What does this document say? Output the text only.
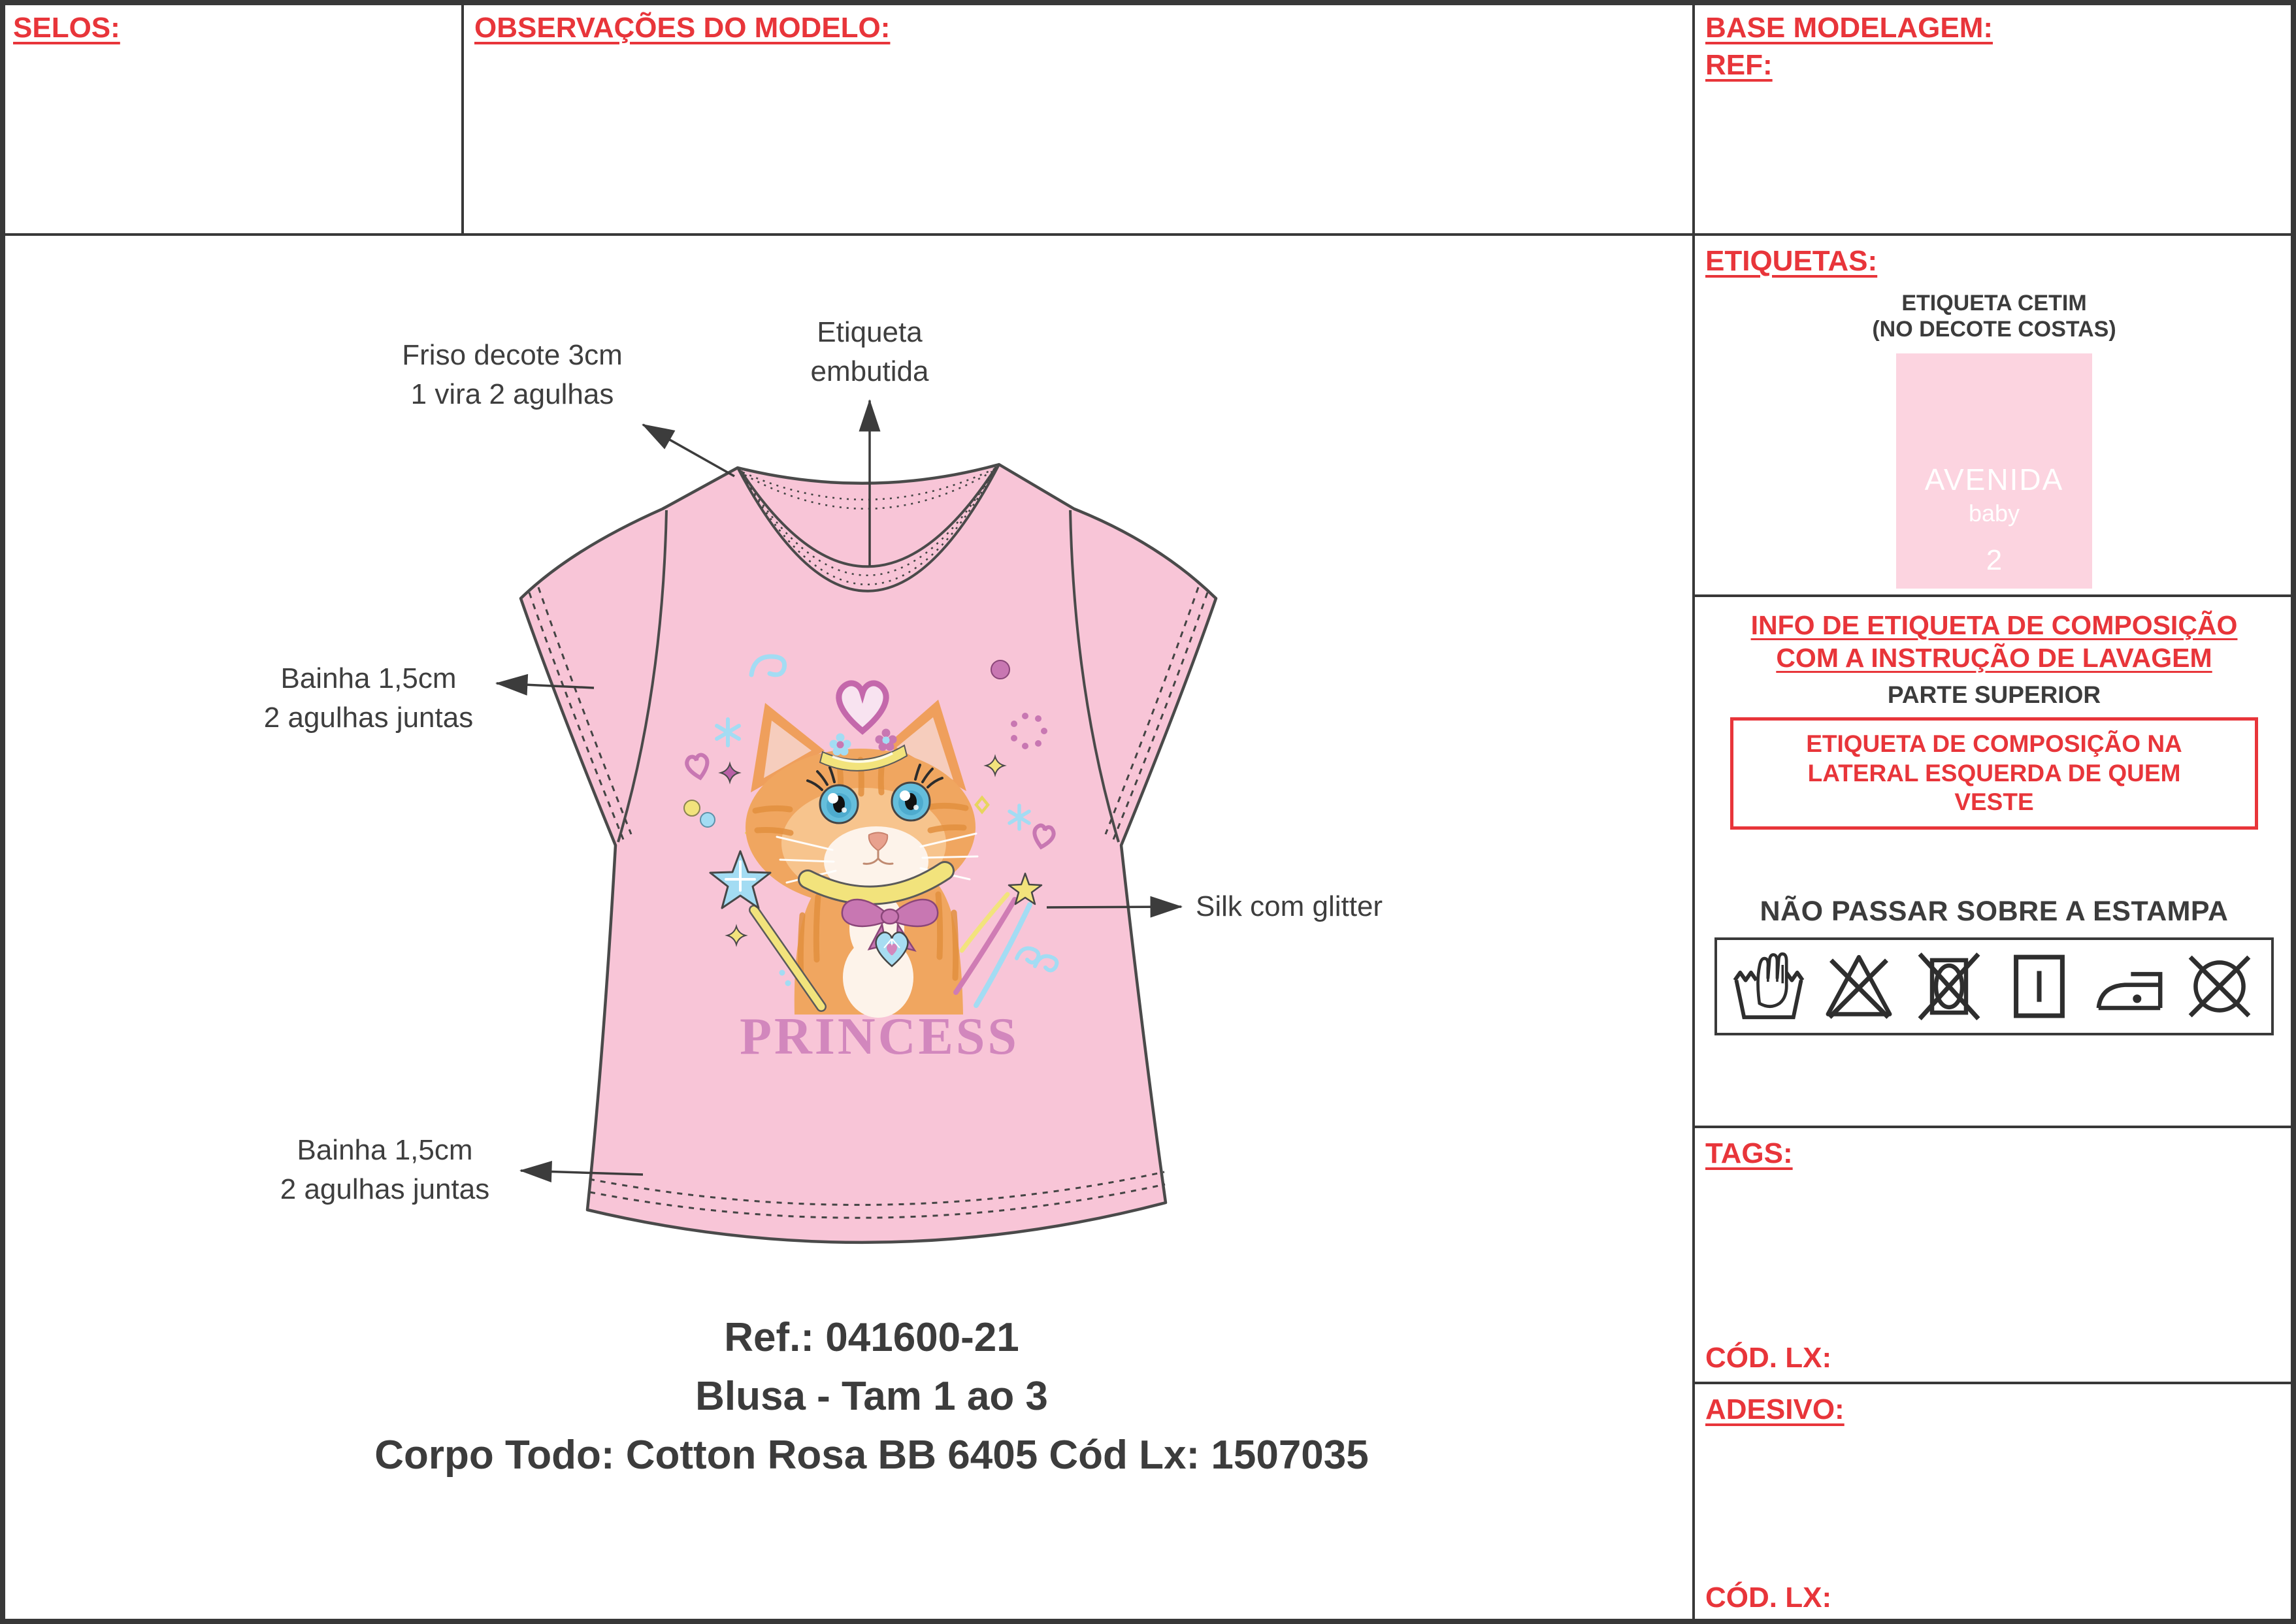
SELOS:	OBSERVAÇÕES DO MODELO:	BASE MODELAGEM:
REF:
PRINCESS
Friso decote 3cm
1 vira 2 agulhas
Etiqueta
embutida
Bainha 1,5cm
2 agulhas juntas
Silk com glitter
Bainha 1,5cm
2 agulhas juntas
Ref.: 041600-21
Blusa - Tam 1 ao 3
Corpo Todo: Cotton Rosa BB 6405 Cód Lx: 1507035
ETIQUETAS:
ETIQUETA CETIM
(NO DECOTE COSTAS)
AVENIDA
baby
2
INFO DE ETIQUETA DE COMPOSIÇÃO
COM A INSTRUÇÃO DE LAVAGEM
PARTE SUPERIOR
ETIQUETA DE COMPOSIÇÃO NA
LATERAL ESQUERDA DE QUEM
VESTE
NÃO PASSAR SOBRE A ESTAMPA
TAGS:
CÓD. LX:
ADESIVO:
CÓD. LX:
